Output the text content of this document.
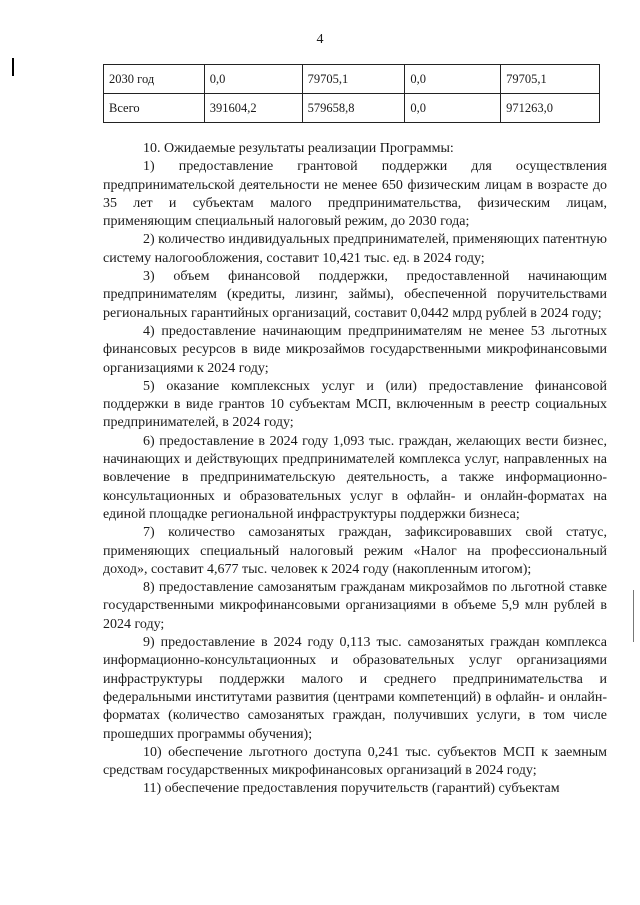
4
2030 год	0,0	79705,1	0,0	79705,1
Всего	391604,2	579658,8	0,0	971263,0

10. Ожидаемые результаты реализации Программы:

1) предоставление грантовой поддержки для осуществления предпринимательской деятельности не менее 650 физическим лицам в возрасте до 35 лет и субъектам малого предпринимательства, физическим лицам, применяющим специальный налоговый режим, до 2030 года;

2) количество индивидуальных предпринимателей, применяющих патентную систему налогообложения, составит 10,421 тыс. ед. в 2024 году;

3) объем финансовой поддержки, предоставленной начинающим предпринимателям (кредиты, лизинг, займы), обеспеченной поручительствами региональных гарантийных организаций, составит 0,0442 млрд рублей в 2024 году;

4) предоставление начинающим предпринимателям не менее 53 льготных финансовых ресурсов в виде микрозаймов государственными микрофинансовыми организациями к 2024 году;

5) оказание комплексных услуг и (или) предоставление финансовой поддержки в виде грантов 10 субъектам МСП, включенным в реестр социальных предпринимателей, в 2024 году;

6) предоставление в 2024 году 1,093 тыс. граждан, желающих вести бизнес, начинающих и действующих предпринимателей комплекса услуг, направленных на вовлечение в предпринимательскую деятельность, а также информационно-консультационных и образовательных услуг в офлайн- и онлайн-форматах на единой площадке региональной инфраструктуры поддержки бизнеса;

7) количество самозанятых граждан, зафиксировавших свой статус, применяющих специальный налоговый режим «Налог на профессиональный доход», составит 4,677 тыс. человек к 2024 году (накопленным итогом);

8) предоставление самозанятым гражданам микрозаймов по льготной ставке государственными микрофинансовыми организациями в объеме 5,9 млн рублей в 2024 году;

9) предоставление в 2024 году 0,113 тыс. самозанятых граждан комплекса информационно-консультационных и образовательных услуг организациями инфраструктуры поддержки малого и среднего предпринимательства и федеральными институтами развития (центрами компетенций) в офлайн- и онлайн-форматах (количество самозанятых граждан, получивших услуги, в том числе прошедших программы обучения);

10) обеспечение льготного доступа 0,241 тыс. субъектов МСП к заемным средствам государственных микрофинансовых организаций в 2024 году;

11) обеспечение предоставления поручительств (гарантий) субъектам
